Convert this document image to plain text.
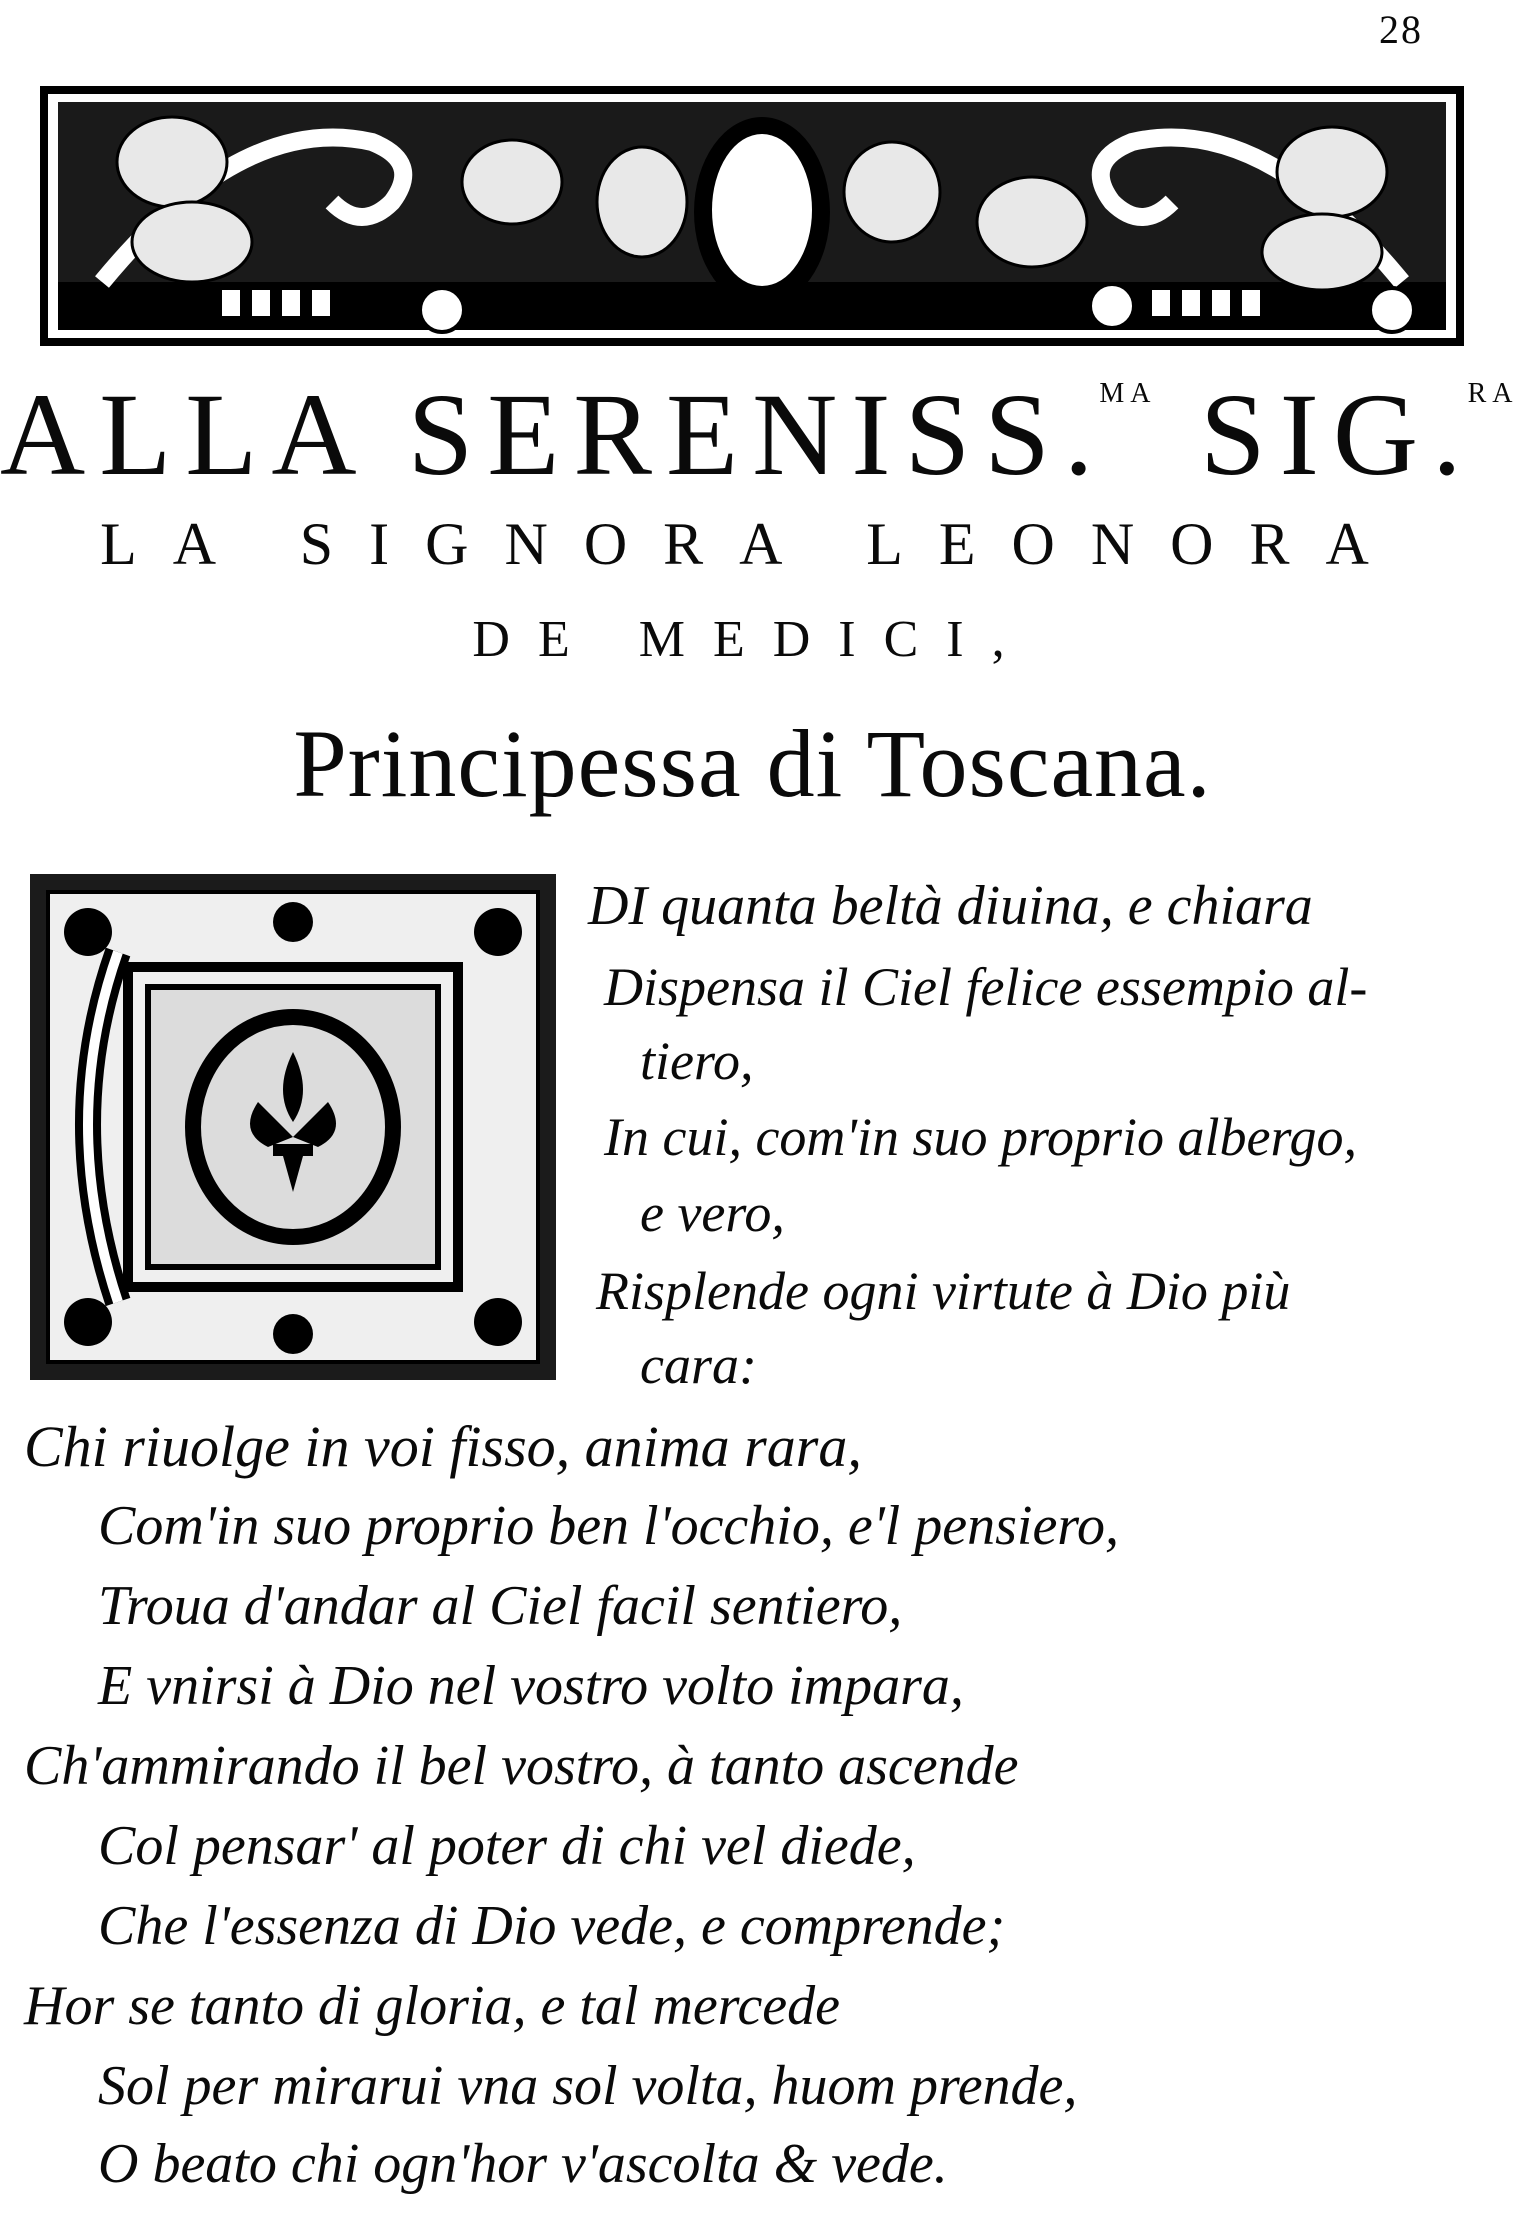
28
ALLA SERENISS.$^{MA}$ SIG.$^{RA}$
LA SIGNORA LEONORA
DE MEDICI,
Principessa di Toscana.
DI quanta beltà diuina, e chiara
Dispensa il Ciel felice essempio al-
tiero,
In cui, com'in suo proprio albergo,
e vero,
Risplende ogni virtute à Dio più
cara:
Chi riuolge in voi fisso, anima rara,
Com'in suo proprio ben l'occhio, e'l pensiero,
Troua d'andar al Ciel facil sentiero,
E vnirsi à Dio nel vostro volto impara,
Ch'ammirando il bel vostro, à tanto ascende
Col pensar' al poter di chi vel diede,
Che l'essenza di Dio vede, e comprende;
Hor se tanto di gloria, e tal mercede
Sol per mirarui vna sol volta, huom prende,
O beato chi ogn'hor v'ascolta & vede.
